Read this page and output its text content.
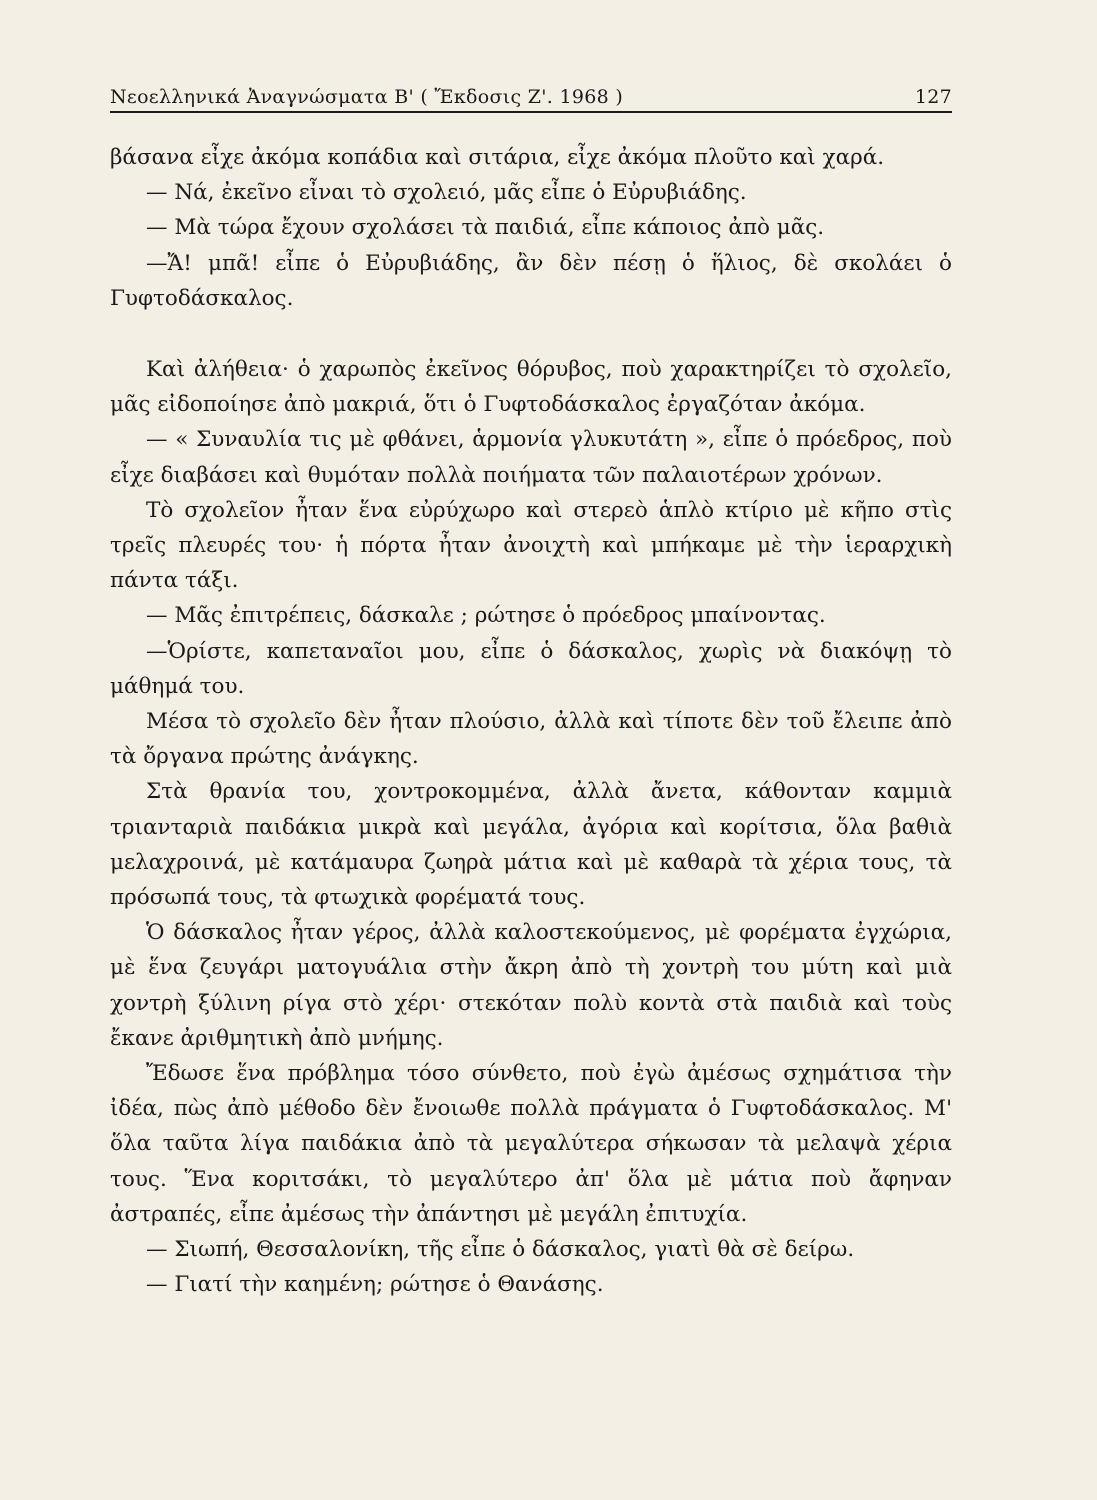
Νεοελληνικά Ἀναγνώσματα Β' ( Ἔκδοσις Ζ'. 1968 )	127

βάσανα εἶχε ἀκόμα κοπάδια καὶ σιτάρια, εἶχε ἀκόμα πλοῦτο καὶ χαρά.

— Νά, ἐκεῖνο εἶναι τὸ σχολειό, μᾶς εἶπε ὁ Εὐρυβιάδης.

— Μὰ τώρα ἔχουν σχολάσει τὰ παιδιά, εἶπε κάποιος ἀπὸ μᾶς.

—Ἄ! μπᾶ! εἶπε ὁ Εὐρυβιάδης, ἂν δὲν πέσῃ ὁ ἥλιος, δὲ σκολάει ὁ Γυφτοδάσκαλος.

Καὶ ἀλήθεια· ὁ χαρωπὸς ἐκεῖνος θόρυβος, ποὺ χαρακτηρίζει τὸ σχολεῖο, μᾶς εἰδοποίησε ἀπὸ μακριά, ὅτι ὁ Γυφτοδάσκαλος ἐργαζόταν ἀκόμα.

— « Συναυλία τις μὲ φθάνει, ἁρμονία γλυκυτάτη », εἶπε ὁ πρόεδρος, ποὺ εἶχε διαβάσει καὶ θυμόταν πολλὰ ποιήματα τῶν παλαιοτέρων χρόνων.

Τὸ σχολεῖον ἦταν ἕνα εὐρύχωρο καὶ στερεὸ ἁπλὸ κτίριο μὲ κῆπο στὶς τρεῖς πλευρές του· ἡ πόρτα ἦταν ἀνοιχτὴ καὶ μπήκαμε μὲ τὴν ἱεραρχικὴ πάντα τάξι.

— Μᾶς ἐπιτρέπεις, δάσκαλε ; ρώτησε ὁ πρόεδρος μπαίνοντας.

—Ὁρίστε, καπεταναῖοι μου, εἶπε ὁ δάσκαλος, χωρὶς νὰ διακόψῃ τὸ μάθημά του.

Μέσα τὸ σχολεῖο δὲν ἦταν πλούσιο, ἀλλὰ καὶ τίποτε δὲν τοῦ ἔλειπε ἀπὸ τὰ ὄργανα πρώτης ἀνάγκης.

Στὰ θρανία του, χοντροκομμένα, ἀλλὰ ἄνετα, κάθονταν καμμιὰ τριανταριὰ παιδάκια μικρὰ καὶ μεγάλα, ἀγόρια καὶ κορίτσια, ὅλα βαθιὰ μελαχροινά, μὲ κατάμαυρα ζωηρὰ μάτια καὶ μὲ καθαρὰ τὰ χέρια τους, τὰ πρόσωπά τους, τὰ φτωχικὰ φορέματά τους.

Ὁ δάσκαλος ἦταν γέρος, ἀλλὰ καλοστεκούμενος, μὲ φορέματα ἐγχώρια, μὲ ἕνα ζευγάρι ματογυάλια στὴν ἄκρη ἀπὸ τὴ χοντρὴ του μύτη καὶ μιὰ χοντρὴ ξύλινη ρίγα στὸ χέρι· στεκόταν πολὺ κοντὰ στὰ παιδιὰ καὶ τοὺς ἔκανε ἀριθμητικὴ ἀπὸ μνήμης.

Ἔδωσε ἕνα πρόβλημα τόσο σύνθετο, ποὺ ἐγὼ ἀμέσως σχημάτισα τὴν ἰδέα, πὼς ἀπὸ μέθοδο δὲν ἔνοιωθε πολλὰ πράγματα ὁ Γυφτοδάσκαλος. Μ' ὅλα ταῦτα λίγα παιδάκια ἀπὸ τὰ μεγαλύτερα σήκωσαν τὰ μελαψὰ χέρια τους. Ἕνα κοριτσάκι, τὸ μεγαλύτερο ἀπ' ὅλα μὲ μάτια ποὺ ἄφηναν ἀστραπές, εἶπε ἀμέσως τὴν ἀπάντησι μὲ μεγάλη ἐπιτυχία.

— Σιωπή, Θεσσαλονίκη, τῆς εἶπε ὁ δάσκαλος, γιατὶ θὰ σὲ δείρω.

— Γιατί τὴν καημένη; ρώτησε ὁ Θανάσης.
